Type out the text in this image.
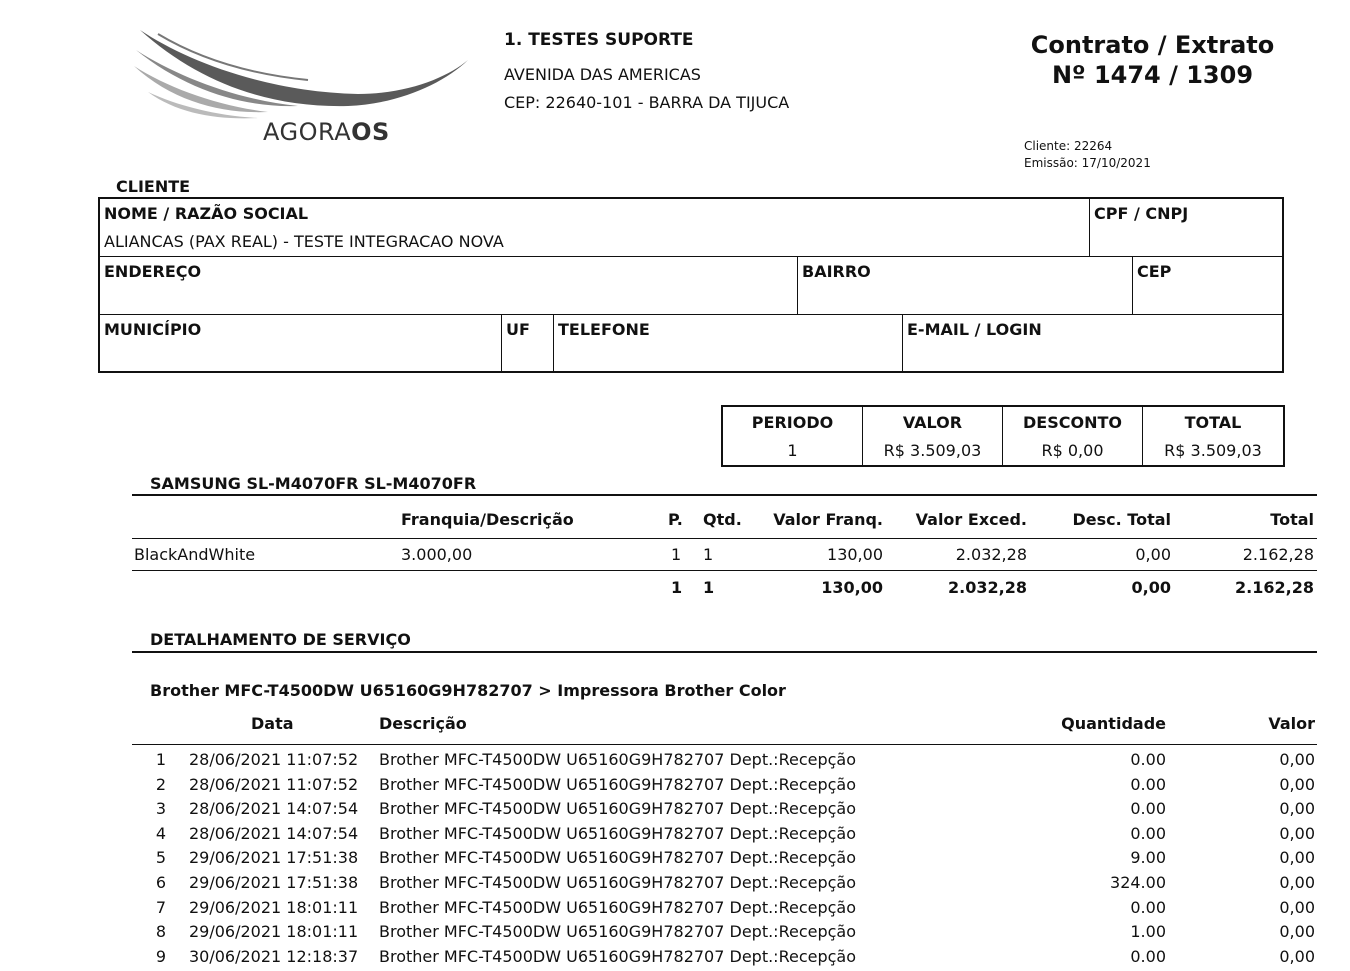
AGORAOS
1. TESTES SUPORTE
AVENIDA DAS AMERICAS
CEP: 22640-101 - BARRA DA TIJUCA
Contrato / Extrato
Nº 1474 / 1309
Cliente: 22264
Emissão: 17/10/2021
CLIENTE
NOME / RAZÃO SOCIAL
ALIANCAS (PAX REAL) - TESTE INTEGRACAO NOVA
CPF / CNPJ
ENDEREÇO	BAIRRO	CEP
MUNICÍPIO	UF TELEFONE	E-MAIL / LOGIN
PERIODO
1
VALOR
R$ 3.509,03
DESCONTO
R$ 0,00
TOTAL
R$ 3.509,03
SAMSUNG SL-M4070FR SL-M4070FR
Franquia/Descrição	P. Qtd.	Valor Franq.	Valor Exced.	Desc. Total	Total
BlackAndWhite	3.000,00	1 1	130,00	2.032,28	0,00	2.162,28
1 1	130,00	2.032,28	0,00	2.162,28
DETALHAMENTO DE SERVIÇO
Brother MFC-T4500DW U65160G9H782707 > Impressora Brother Color
Data	Descrição	Quantidade	Valor
1 28/06/2021 11:07:52 Brother MFC-T4500DW U65160G9H782707 Dept.:Recepção	0.00	0,00
2 28/06/2021 11:07:52 Brother MFC-T4500DW U65160G9H782707 Dept.:Recepção	0.00	0,00
3 28/06/2021 14:07:54 Brother MFC-T4500DW U65160G9H782707 Dept.:Recepção	0.00	0,00
4 28/06/2021 14:07:54 Brother MFC-T4500DW U65160G9H782707 Dept.:Recepção	0.00	0,00
5 29/06/2021 17:51:38 Brother MFC-T4500DW U65160G9H782707 Dept.:Recepção	9.00	0,00
6 29/06/2021 17:51:38 Brother MFC-T4500DW U65160G9H782707 Dept.:Recepção	324.00	0,00
7 29/06/2021 18:01:11 Brother MFC-T4500DW U65160G9H782707 Dept.:Recepção	0.00	0,00
8 29/06/2021 18:01:11 Brother MFC-T4500DW U65160G9H782707 Dept.:Recepção	1.00	0,00
9 30/06/2021 12:18:37 Brother MFC-T4500DW U65160G9H782707 Dept.:Recepção	0.00	0,00
